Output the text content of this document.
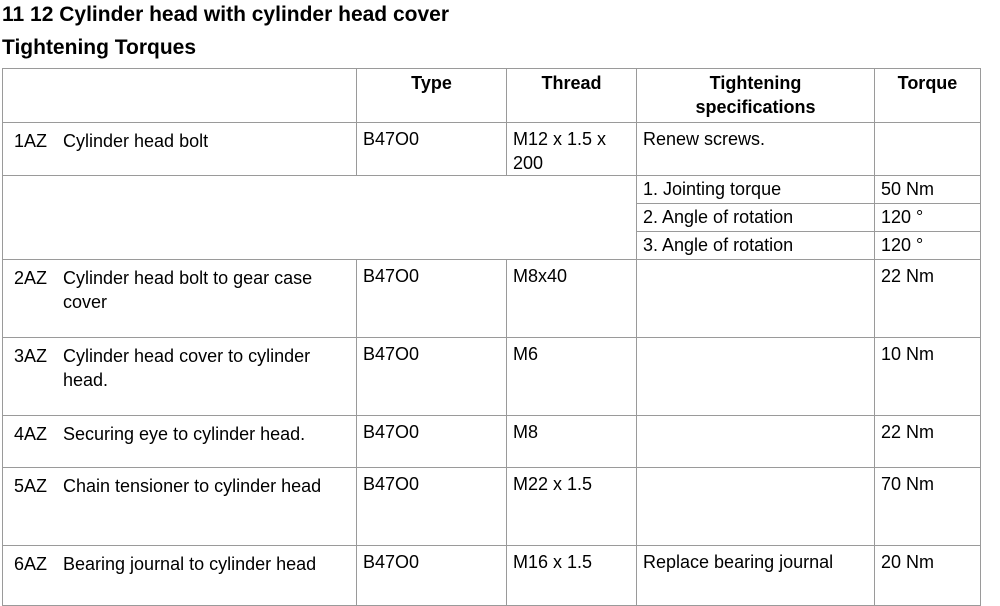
11 12 Cylinder head with cylinder head cover
Tightening Torques
	Type	Thread	Tightening specifications	Torque

1AZ Cylinder head bolt	B47O0	M12 x 1.5 x 200	Renew screws.	

			1. Jointing torque	50 Nm

			2. Angle of rotation	120 °

			3. Angle of rotation	120 °

2AZ Cylinder head bolt to gear case cover	B47O0	M8x40		22 Nm

3AZ Cylinder head cover to cylinder head.	B47O0	M6		10 Nm

4AZ Securing eye to cylinder head.	B47O0	M8		22 Nm

5AZ Chain tensioner to cylinder head	B47O0	M22 x 1.5		70 Nm

6AZ Bearing journal to cylinder head	B47O0	M16 x 1.5	Replace bearing journal	20 Nm
